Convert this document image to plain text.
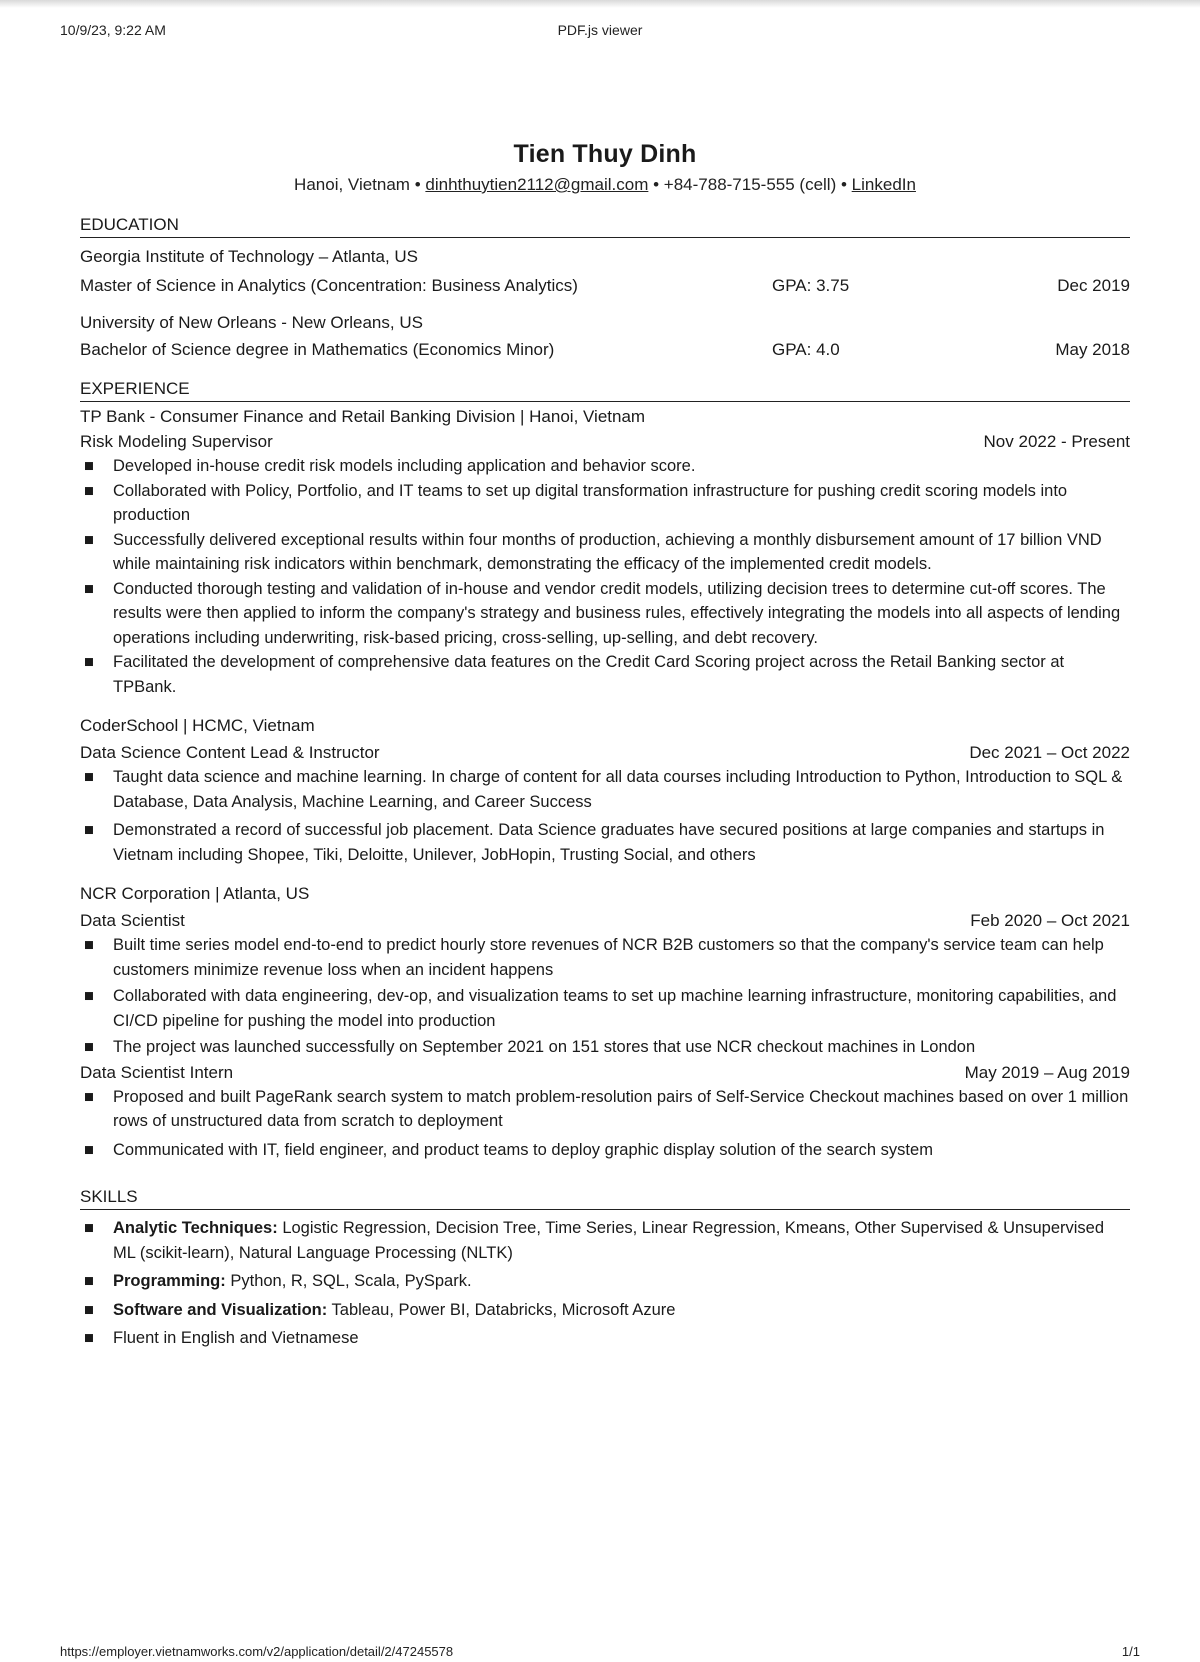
10/9/23, 9:22 AM	PDF.js viewer
Tien Thuy Dinh
Hanoi, Vietnam • dinhthuytien2112@gmail.com • +84-788-715-555 (cell) • LinkedIn
EDUCATION
Georgia Institute of Technology – Atlanta, US
Master of Science in Analytics (Concentration: Business Analytics)	GPA: 3.75	Dec 2019
University of New Orleans - New Orleans, US
Bachelor of Science degree in Mathematics (Economics Minor)	GPA: 4.0	May 2018
EXPERIENCE
TP Bank - Consumer Finance and Retail Banking Division | Hanoi, Vietnam
Risk Modeling Supervisor	Nov 2022 - Present
■ Developed in-house credit risk models including application and behavior score.
■ Collaborated with Policy, Portfolio, and IT teams to set up digital transformation infrastructure for pushing credit scoring models into production
■ Successfully delivered exceptional results within four months of production, achieving a monthly disbursement amount of 17 billion VND while maintaining risk indicators within benchmark, demonstrating the efficacy of the implemented credit models.
■ Conducted thorough testing and validation of in-house and vendor credit models, utilizing decision trees to determine cut-off scores. The results were then applied to inform the company's strategy and business rules, effectively integrating the models into all aspects of lending operations including underwriting, risk-based pricing, cross-selling, up-selling, and debt recovery.
■ Facilitated the development of comprehensive data features on the Credit Card Scoring project across the Retail Banking sector at TPBank.
CoderSchool | HCMC, Vietnam
Data Science Content Lead & Instructor	Dec 2021 – Oct 2022
■ Taught data science and machine learning. In charge of content for all data courses including Introduction to Python, Introduction to SQL & Database, Data Analysis, Machine Learning, and Career Success
■ Demonstrated a record of successful job placement. Data Science graduates have secured positions at large companies and startups in Vietnam including Shopee, Tiki, Deloitte, Unilever, JobHopin, Trusting Social, and others
NCR Corporation | Atlanta, US
Data Scientist	Feb 2020 – Oct 2021
■ Built time series model end-to-end to predict hourly store revenues of NCR B2B customers so that the company's service team can help customers minimize revenue loss when an incident happens
■ Collaborated with data engineering, dev-op, and visualization teams to set up machine learning infrastructure, monitoring capabilities, and CI/CD pipeline for pushing the model into production
■ The project was launched successfully on September 2021 on 151 stores that use NCR checkout machines in London
Data Scientist Intern	May 2019 – Aug 2019
■ Proposed and built PageRank search system to match problem-resolution pairs of Self-Service Checkout machines based on over 1 million rows of unstructured data from scratch to deployment
■ Communicated with IT, field engineer, and product teams to deploy graphic display solution of the search system
SKILLS
■ Analytic Techniques: Logistic Regression, Decision Tree, Time Series, Linear Regression, Kmeans, Other Supervised & Unsupervised ML (scikit-learn), Natural Language Processing (NLTK)
■ Programming: Python, R, SQL, Scala, PySpark.
■ Software and Visualization: Tableau, Power BI, Databricks, Microsoft Azure
■ Fluent in English and Vietnamese
https://employer.vietnamworks.com/v2/application/detail/2/47245578	1/1
